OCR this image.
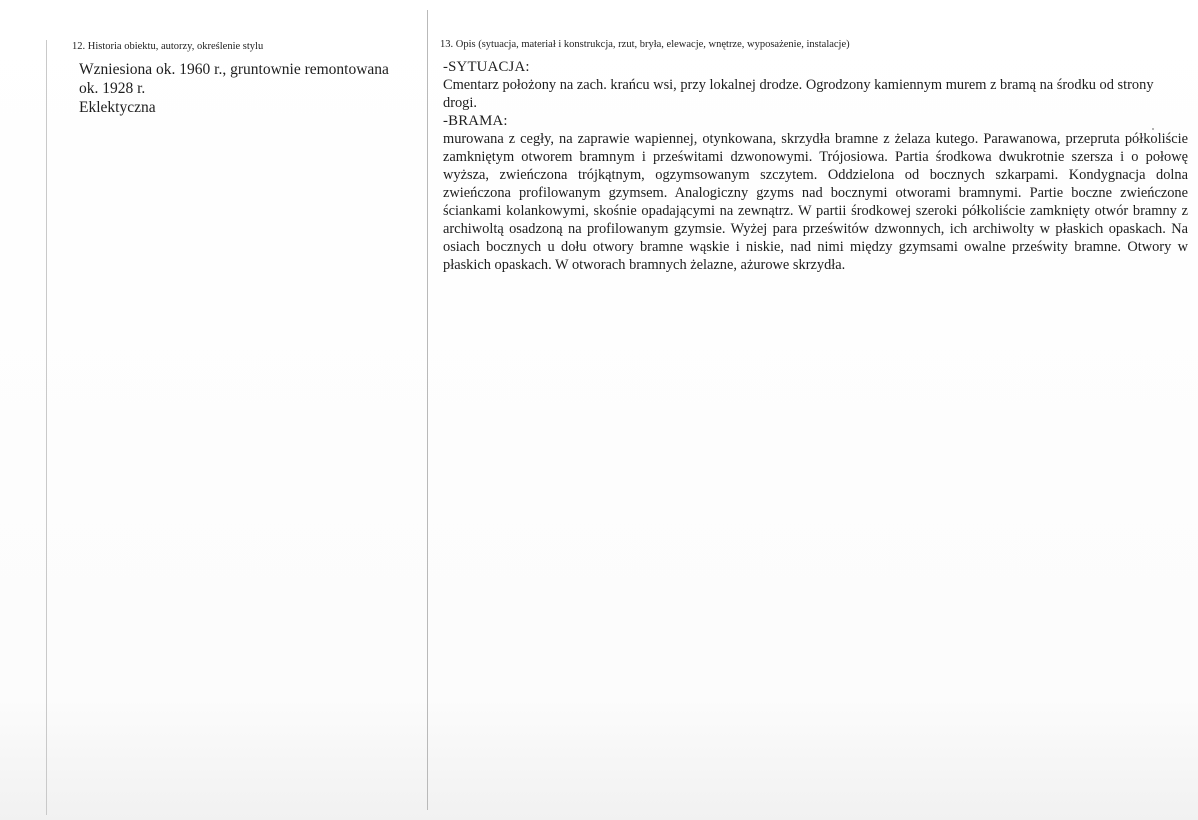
12. Historia obiektu, autorzy, określenie stylu
Wzniesiona ok. 1960 r., gruntownie remontowana
ok. 1928 r.
Eklektyczna
13. Opis (sytuacja, materiał i konstrukcja, rzut, bryła, elewacje, wnętrze, wyposażenie, instalacje)
-SYTUACJA:
Cmentarz położony na zach. krańcu wsi, przy lokalnej drodze. Ogrodzony kamiennym murem z bramą na środku od strony drogi.
-BRAMA:
murowana z cegły, na zaprawie wapiennej, otynkowana, skrzydła bramne z żelaza kutego. Parawanowa, przepruta półkoliście zamkniętym otworem bramnym i prześwitami dzwonowymi. Trójosiowa. Partia środkowa dwukrotnie szersza i o połowę wyższa, zwieńczona trójkątnym, ogzymsowanym szczytem. Oddzielona od bocznych szkarpami. Kondygnacja dolna zwieńczona profilowanym gzymsem. Analogiczny gzyms nad bocznymi otworami bramnymi. Partie boczne zwieńczone ściankami kolankowymi, skośnie opadającymi na zewnątrz. W partii środkowej szeroki półkoliście zamknięty otwór bramny z archiwoltą osadzoną na profilowanym gzymsie. Wyżej para prześwitów dzwonnych, ich archiwolty w płaskich opaskach. Na osiach bocznych u dołu otwory bramne wąskie i niskie, nad nimi między gzymsami owalne prześwity bramne. Otwory w płaskich opaskach. W otworach bramnych żelazne, ażurowe skrzydła.
